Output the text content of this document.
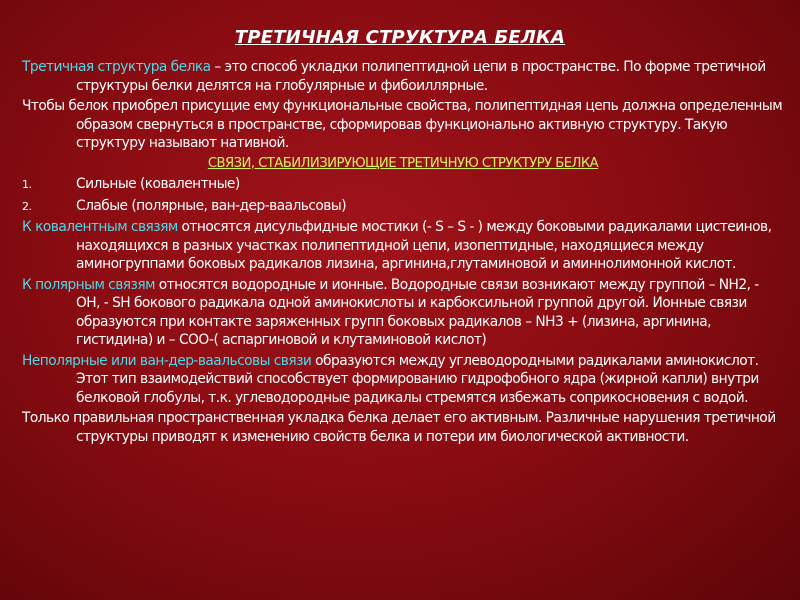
ТРЕТИЧНАЯ СТРУКТУРА БЕЛКА

Третичная структура белка – это способ укладки полипептидной цепи в пространстве. По форме третичной структуры белки делятся на глобулярные и фибоиллярные.

Чтобы белок приобрел присущие ему функциональные свойства, полипептидная цепь должна определенным образом свернуться в пространстве, сформировав функционально активную структуру. Такую структуру называют нативной.

СВЯЗИ, СТАБИЛИЗИРУЮЩИЕ ТРЕТИЧНУЮ СТРУКТУРУ БЕЛКА
1.	Сильные (ковалентные)
2.	Слабые (полярные, ван-дер-ваальсовы)

К ковалентным связям относятся дисульфидные мостики (- S – S - ) между боковыми радикалами цистеинов, находящихся в разных участках полипептидной цепи, изопептидные, находящиеся между аминогруппами боковых радикалов лизина, аргинина,глутаминовой и аминнолимонной кислот.

К полярным связям относятся водородные и ионные. Водородные связи возникают между группой – NH2, - OH, - SH бокового радикала одной аминокислоты и карбоксильной группой другой. Ионные связи образуются при контакте заряженных групп боковых радикалов – NH3 + (лизина, аргинина, гистидина) и – COO-( аспаргиновой и клутаминовой кислот)

Неполярные или ван-дер-ваальсовы связи образуются между углеводородными радикалами аминокислот. Этот тип взаимодействий способствует формированию гидрофобного ядра (жирной капли) внутри белковой глобулы, т.к. углеводородные радикалы стремятся избежать соприкосновения с водой.

Только правильная пространственная укладка белка делает его активным. Различные нарушения третичной структуры приводят к изменению свойств белка и потери им биологической активности.
